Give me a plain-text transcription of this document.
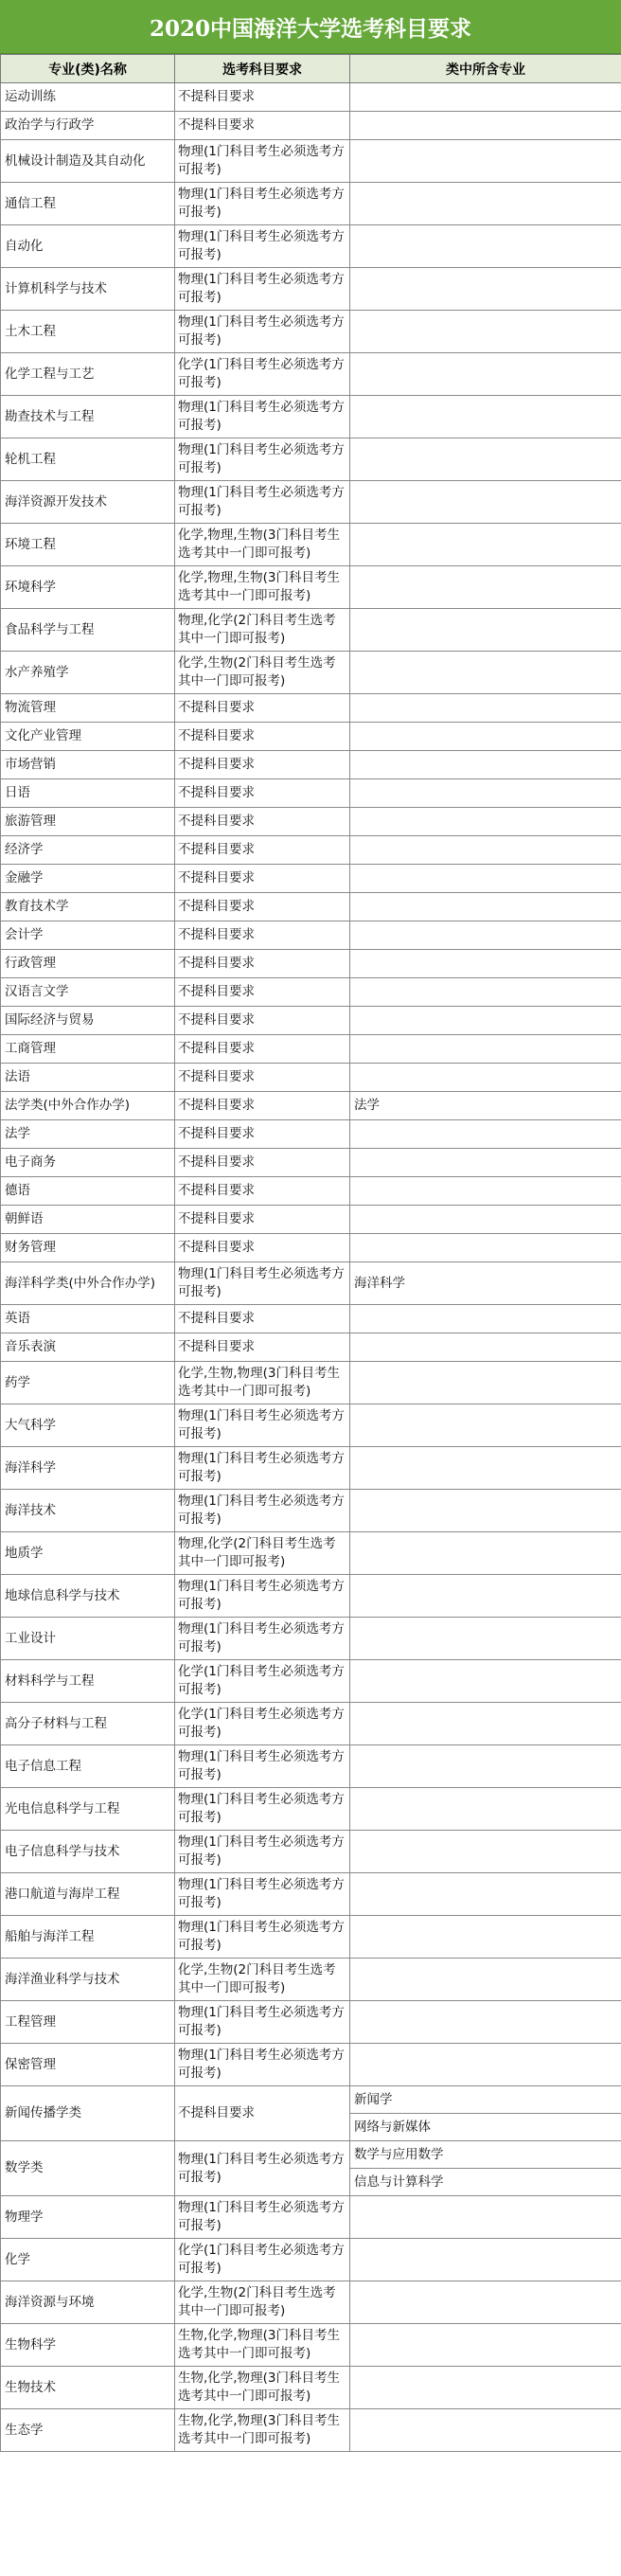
2020中国海洋大学选考科目要求
专业(类)名称	选考科目要求	类中所含专业
运动训练	不提科目要求	
政治学与行政学	不提科目要求	
机械设计制造及其自动化	物理(1门科目考生必须选考方可报考)	
通信工程	物理(1门科目考生必须选考方可报考)	
自动化	物理(1门科目考生必须选考方可报考)	
计算机科学与技术	物理(1门科目考生必须选考方可报考)	
土木工程	物理(1门科目考生必须选考方可报考)	
化学工程与工艺	化学(1门科目考生必须选考方可报考)	
勘查技术与工程	物理(1门科目考生必须选考方可报考)	
轮机工程	物理(1门科目考生必须选考方可报考)	
海洋资源开发技术	物理(1门科目考生必须选考方可报考)	
环境工程	化学,物理,生物(3门科目考生选考其中一门即可报考)	
环境科学	化学,物理,生物(3门科目考生选考其中一门即可报考)	
食品科学与工程	物理,化学(2门科目考生选考其中一门即可报考)	
水产养殖学	化学,生物(2门科目考生选考其中一门即可报考)	
物流管理	不提科目要求	
文化产业管理	不提科目要求	
市场营销	不提科目要求	
日语	不提科目要求	
旅游管理	不提科目要求	
经济学	不提科目要求	
金融学	不提科目要求	
教育技术学	不提科目要求	
会计学	不提科目要求	
行政管理	不提科目要求	
汉语言文学	不提科目要求	
国际经济与贸易	不提科目要求	
工商管理	不提科目要求	
法语	不提科目要求	
法学类(中外合作办学)	不提科目要求	法学
法学	不提科目要求	
电子商务	不提科目要求	
德语	不提科目要求	
朝鲜语	不提科目要求	
财务管理	不提科目要求	
海洋科学类(中外合作办学)	物理(1门科目考生必须选考方可报考)	海洋科学
英语	不提科目要求	
音乐表演	不提科目要求	
药学	化学,生物,物理(3门科目考生选考其中一门即可报考)	
大气科学	物理(1门科目考生必须选考方可报考)	
海洋科学	物理(1门科目考生必须选考方可报考)	
海洋技术	物理(1门科目考生必须选考方可报考)	
地质学	物理,化学(2门科目考生选考其中一门即可报考)	
地球信息科学与技术	物理(1门科目考生必须选考方可报考)	
工业设计	物理(1门科目考生必须选考方可报考)	
材料科学与工程	化学(1门科目考生必须选考方可报考)	
高分子材料与工程	化学(1门科目考生必须选考方可报考)	
电子信息工程	物理(1门科目考生必须选考方可报考)	
光电信息科学与工程	物理(1门科目考生必须选考方可报考)	
电子信息科学与技术	物理(1门科目考生必须选考方可报考)	
港口航道与海岸工程	物理(1门科目考生必须选考方可报考)	
船舶与海洋工程	物理(1门科目考生必须选考方可报考)	
海洋渔业科学与技术	化学,生物(2门科目考生选考其中一门即可报考)	
工程管理	物理(1门科目考生必须选考方可报考)	
保密管理	物理(1门科目考生必须选考方可报考)	
新闻传播学类	不提科目要求	新闻学
		网络与新媒体
数学类	物理(1门科目考生必须选考方可报考)	数学与应用数学
		信息与计算科学
物理学	物理(1门科目考生必须选考方可报考)	
化学	化学(1门科目考生必须选考方可报考)	
海洋资源与环境	化学,生物(2门科目考生选考其中一门即可报考)	
生物科学	生物,化学,物理(3门科目考生选考其中一门即可报考)	
生物技术	生物,化学,物理(3门科目考生选考其中一门即可报考)	
生态学	生物,化学,物理(3门科目考生选考其中一门即可报考)	
